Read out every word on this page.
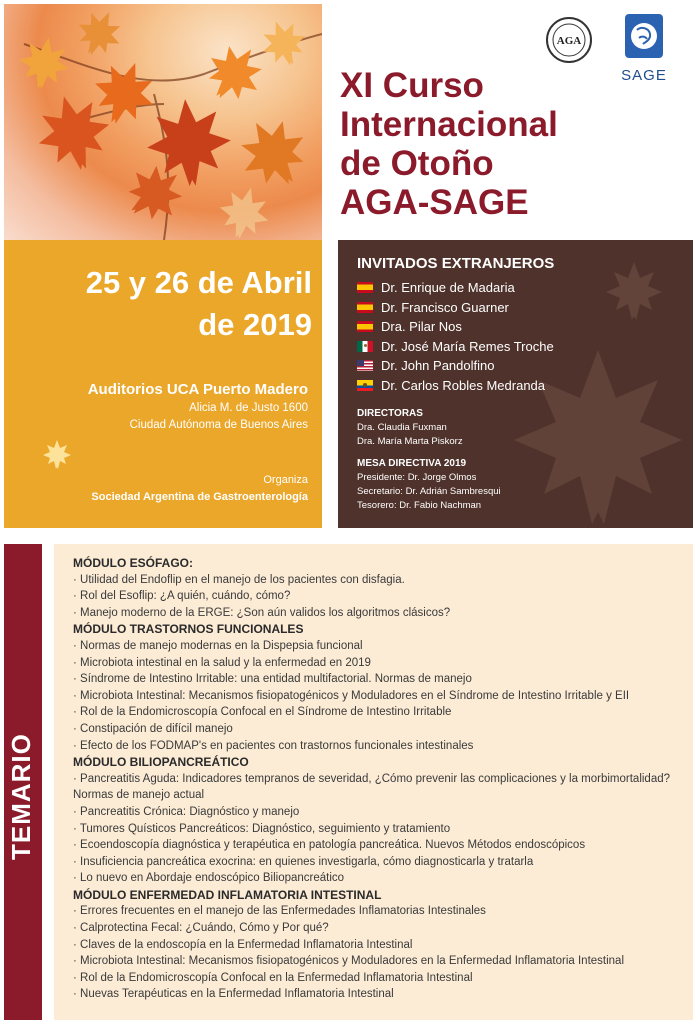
AGA
SAGE
XI Curso
Internacional
de Otoño
AGA-SAGE
25 y 26 de Abril
de 2019
Auditorios UCA Puerto Madero
Alicia M. de Justo 1600
Ciudad Autónoma de Buenos Aires
Organiza
Sociedad Argentina de Gastroenterología
INVITADOS EXTRANJEROS
Dr. Enrique de Madaria
Dr. Francisco Guarner
Dra. Pilar Nos
Dr. José María Remes Troche
Dr. John Pandolfino
Dr. Carlos Robles Medranda
DIRECTORAS
Dra. Claudia Fuxman
Dra. María Marta Piskorz
MESA DIRECTIVA 2019
Presidente: Dr. Jorge Olmos
Secretario: Dr. Adrián Sambresqui
Tesorero: Dr. Fabio Nachman
TEMARIO
MÓDULO ESÓFAGO:
· Utilidad del Endoflip en el manejo de los pacientes con disfagia.
· Rol del Esoflip: ¿A quién, cuándo, cómo?
· Manejo moderno de la ERGE: ¿Son aún validos los algoritmos clásicos?
MÓDULO TRASTORNOS FUNCIONALES
· Normas de manejo modernas en la Dispepsia funcional
· Microbiota intestinal en la salud y la enfermedad en 2019
· Síndrome de Intestino Irritable: una entidad multifactorial. Normas de manejo
· Microbiota Intestinal: Mecanismos fisiopatogénicos y Moduladores en el Síndrome de Intestino Irritable y EII
· Rol de la Endomicroscopía Confocal en el Síndrome de Intestino Irritable
· Constipación de difícil manejo
· Efecto de los FODMAP's en pacientes con trastornos funcionales intestinales
MÓDULO BILIOPANCREÁTICO
· Pancreatitis Aguda: Indicadores tempranos de severidad, ¿Cómo prevenir las complicaciones y la morbimortalidad? Normas de manejo actual
· Pancreatitis Crónica: Diagnóstico y manejo
· Tumores Quísticos Pancreáticos: Diagnóstico, seguimiento y tratamiento
· Ecoendoscopía diagnóstica y terapéutica en patología pancreática. Nuevos Métodos endoscópicos
· Insuficiencia pancreática exocrina: en quienes investigarla, cómo diagnosticarla y tratarla
· Lo nuevo en Abordaje endoscópico Biliopancreático
MÓDULO ENFERMEDAD INFLAMATORIA INTESTINAL
· Errores frecuentes en el manejo de las Enfermedades Inflamatorias Intestinales
· Calprotectina Fecal: ¿Cuándo, Cómo y Por qué?
· Claves de la endoscopía en la Enfermedad Inflamatoria Intestinal
· Microbiota Intestinal: Mecanismos fisiopatogénicos y Moduladores en la Enfermedad Inflamatoria Intestinal
· Rol de la Endomicroscopía Confocal en la Enfermedad Inflamatoria Intestinal
· Nuevas Terapéuticas en la Enfermedad Inflamatoria Intestinal
